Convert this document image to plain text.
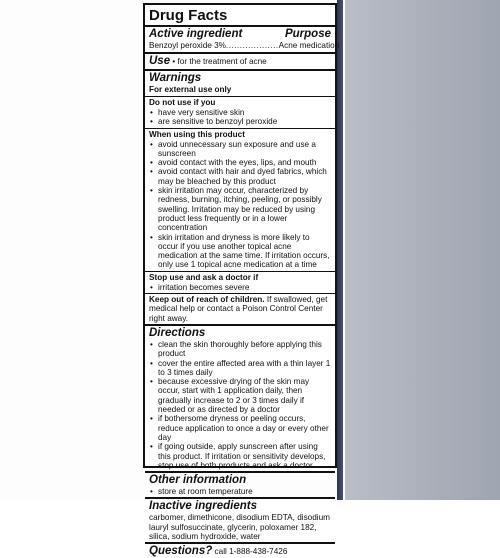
Drug Facts
Active ingredient	Purpose
Benzoyl peroxide 3% ................... Acne medication
Use • for the treatment of acne
Warnings
For external use only
Do not use if you
• have very sensitive skin
• are sensitive to benzoyl peroxide
When using this product
• avoid unnecessary sun exposure and use a sunscreen
• avoid contact with the eyes, lips, and mouth
• avoid contact with hair and dyed fabrics, which may be bleached by this product
• skin irritation may occur, characterized by redness, burning, itching, peeling, or possibly swelling. Irritation may be reduced by using product less frequently or in a lower concentration
• skin irritation and dryness is more likely to occur if you use another topical acne medication at the same time. If irritation occurs, only use 1 topical acne medication at a time
Stop use and ask a doctor if
• irritation becomes severe
Keep out of reach of children. If swallowed, get medical help or contact a Poison Control Center right away.
Directions
• clean the skin thoroughly before applying this product
• cover the entire affected area with a thin layer 1 to 3 times daily
• because excessive drying of the skin may occur, start with 1 application daily, then gradually increase to 2 or 3 times daily if needed or as directed by a doctor
• if bothersome dryness or peeling occurs, reduce application to once a day or every other day
• if going outside, apply sunscreen after using this product. If irritation or sensitivity develops, stop use of both products and ask a doctor
Other information
• store at room temperature
Inactive ingredients
carbomer, dimethicone, disodium EDTA, disodium lauryl sulfosuccinate, glycerin, poloxamer 182, silica, sodium hydroxide, water
Questions? call 1-888-438-7426
